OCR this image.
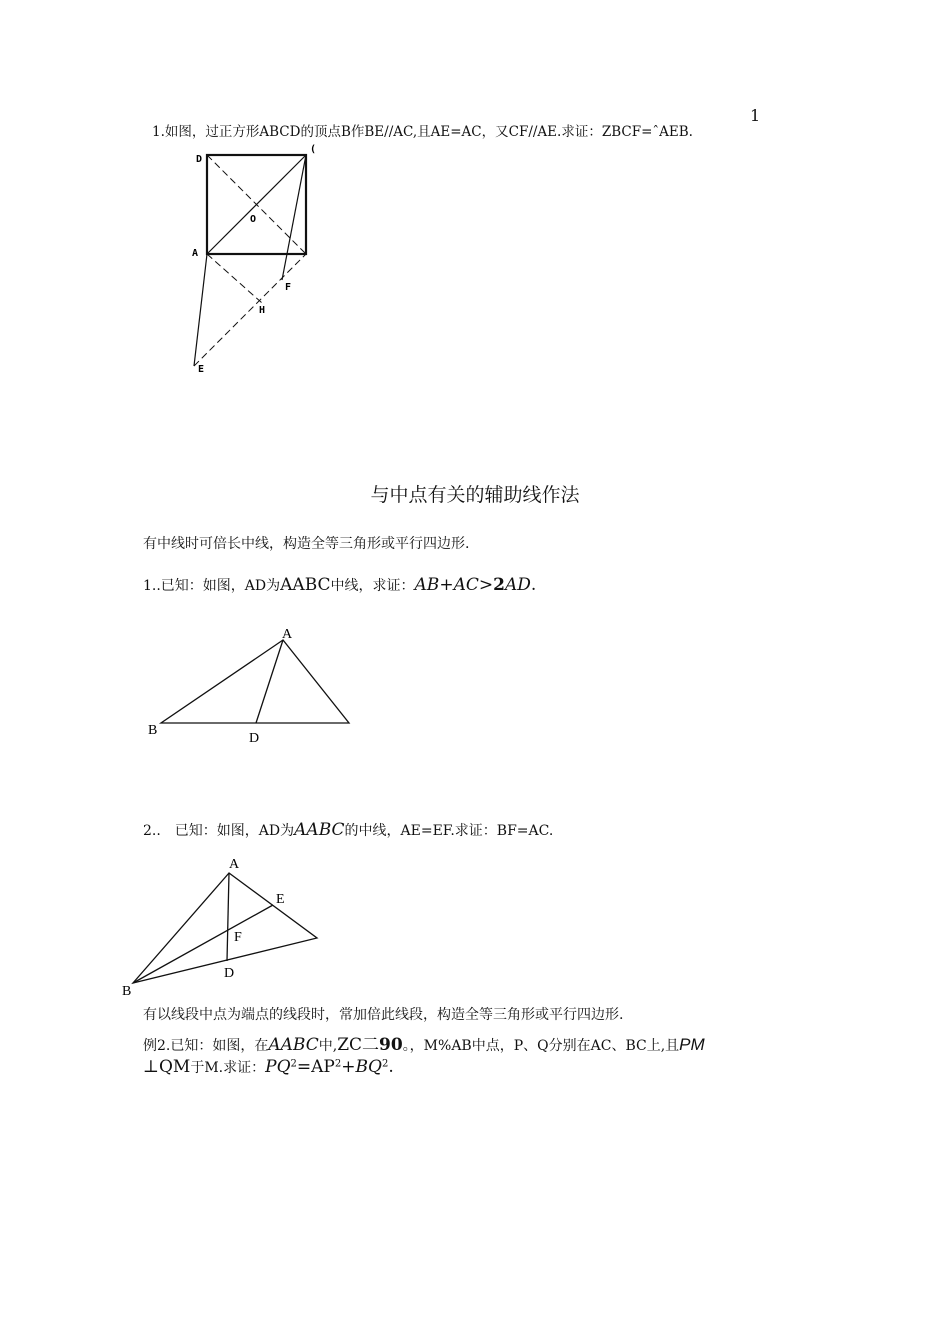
1
1.如图，过正方形ABCD的顶点B作BE//AC,且AE=AC，又CF//AE.求证：ZBCF=ˆAEB.
D
(
O
A
F
H
E
A
B
D
A
E
F
D
B
与中点有关的辅助线作法
有中线时可倍长中线，构造全等三角形或平行四边形.
1..已知：如图，AD为AABC中线，求证：AB+AC>2AD.
2..　已知：如图，AD为AABC的中线，AE=EF.求证：BF=AC.
有以线段中点为端点的线段时，常加倍此线段，构造全等三角形或平行四边形.
例2.已知：如图，在AABC中,ZC二90。，M%AB中点，P、Q分别在AC、BC上,且PM
⊥QM于M.求证：$PQ^2=AP^2+BQ^2$.
